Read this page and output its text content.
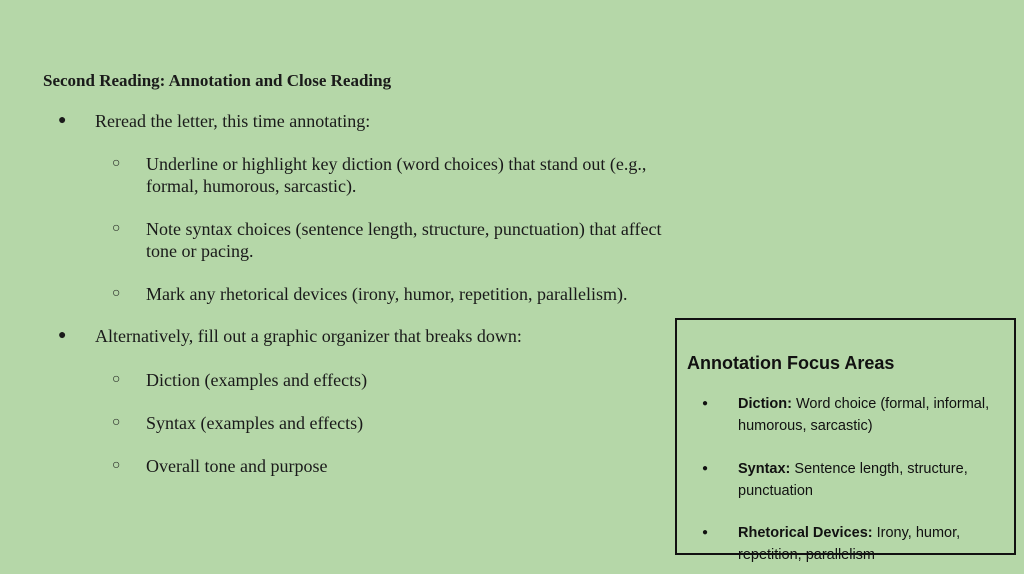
Second Reading: Annotation and Close Reading
● Reread the letter, this time annotating:
○ Underline or highlight key diction (word choices) that stand out (e.g., formal, humorous, sarcastic).
○ Note syntax choices (sentence length, structure, punctuation) that affect tone or pacing.
○ Mark any rhetorical devices (irony, humor, repetition, parallelism).
● Alternatively, fill out a graphic organizer that breaks down:
○ Diction (examples and effects)
○ Syntax (examples and effects)
○ Overall tone and purpose
Annotation Focus Areas
● Diction: Word choice (formal, informal, humorous, sarcastic)
● Syntax: Sentence length, structure, punctuation
● Rhetorical Devices: Irony, humor, repetition, parallelism
